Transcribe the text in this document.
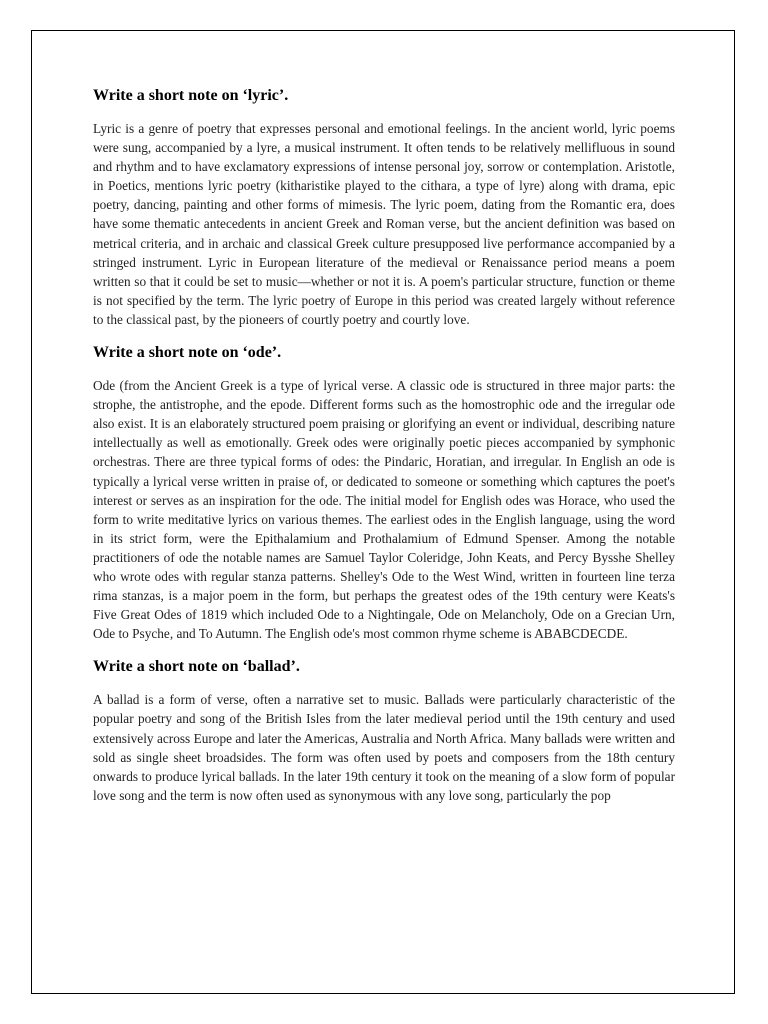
Write a short note on ‘lyric’.

Lyric is a genre of poetry that expresses personal and emotional feelings. In the ancient world, lyric poems were sung, accompanied by a lyre, a musical instrument. It often tends to be relatively mellifluous in sound and rhythm and to have exclamatory expressions of intense personal joy, sorrow or contemplation. Aristotle, in Poetics, mentions lyric poetry (kitharistike played to the cithara, a type of lyre) along with drama, epic poetry, dancing, painting and other forms of mimesis. The lyric poem, dating from the Romantic era, does have some thematic antecedents in ancient Greek and Roman verse, but the ancient definition was based on metrical criteria, and in archaic and classical Greek culture presupposed live performance accompanied by a stringed instrument. Lyric in European literature of the medieval or Renaissance period means a poem written so that it could be set to music—whether or not it is. A poem's particular structure, function or theme is not specified by the term. The lyric poetry of Europe in this period was created largely without reference to the classical past, by the pioneers of courtly poetry and courtly love.

Write a short note on ‘ode’.

Ode (from the Ancient Greek is a type of lyrical verse. A classic ode is structured in three major parts: the strophe, the antistrophe, and the epode. Different forms such as the homostrophic ode and the irregular ode also exist. It is an elaborately structured poem praising or glorifying an event or individual, describing nature intellectually as well as emotionally. Greek odes were originally poetic pieces accompanied by symphonic orchestras. There are three typical forms of odes: the Pindaric, Horatian, and irregular. In English an ode is typically a lyrical verse written in praise of, or dedicated to someone or something which captures the poet's interest or serves as an inspiration for the ode. The initial model for English odes was Horace, who used the form to write meditative lyrics on various themes. The earliest odes in the English language, using the word in its strict form, were the Epithalamium and Prothalamium of Edmund Spenser. Among the notable practitioners of ode the notable names are Samuel Taylor Coleridge, John Keats, and Percy Bysshe Shelley who wrote odes with regular stanza patterns. Shelley's Ode to the West Wind, written in fourteen line terza rima stanzas, is a major poem in the form, but perhaps the greatest odes of the 19th century were Keats's Five Great Odes of 1819 which included Ode to a Nightingale, Ode on Melancholy, Ode on a Grecian Urn, Ode to Psyche, and To Autumn. The English ode's most common rhyme scheme is ABABCDECDE.

Write a short note on ‘ballad’.

A ballad is a form of verse, often a narrative set to music. Ballads were particularly characteristic of the popular poetry and song of the British Isles from the later medieval period until the 19th century and used extensively across Europe and later the Americas, Australia and North Africa. Many ballads were written and sold as single sheet broadsides. The form was often used by poets and composers from the 18th century onwards to produce lyrical ballads. In the later 19th century it took on the meaning of a slow form of popular love song and the term is now often used as synonymous with any love song, particularly the pop
